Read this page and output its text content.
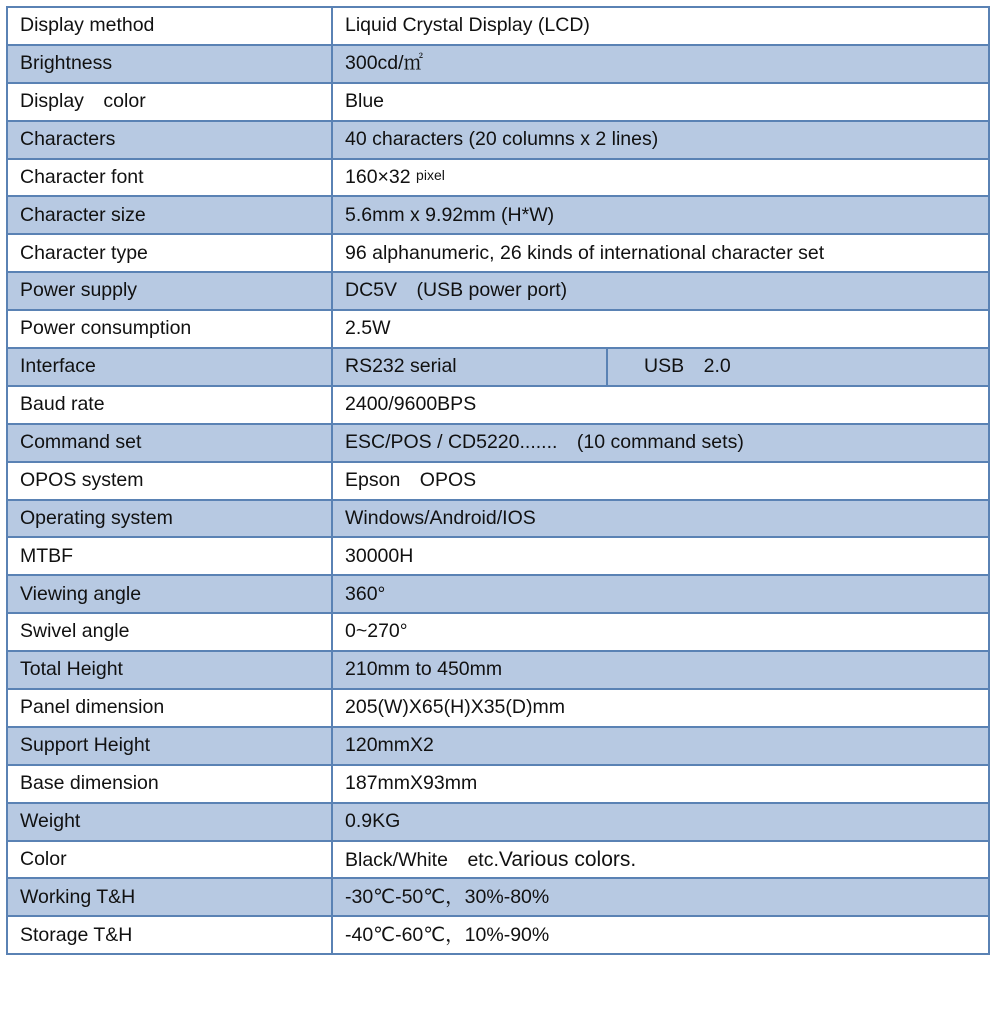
Display method	Liquid Crystal Display (LCD)	
Brightness	300cd/㎡	
Display color	Blue	
Characters	40 characters (20 columns x 2 lines)	
Character font	160×32 pixel	
Character size	5.6mm x 9.92mm (H*W)	
Character type	96 alphanumeric, 26 kinds of international character set	
Power supply	DC5V　(USB power port)	
Power consumption	2.5W	
Interface	RS232 serial	USB  2.0
Baud rate	2400/9600BPS	
Command set	ESC/POS / CD5220.......　(10 command sets)	
OPOS system	Epson  OPOS	
Operating system	Windows/Android/IOS	
MTBF	30000H	
Viewing angle	360°	
Swivel angle	0~270°	
Total Height	210mm to 450mm	
Panel dimension	205(W)X65(H)X35(D)mm	
Support Height	120mmX2	
Base dimension	187mmX93mm	
Weight	0.9KG	
Color	Black/White  etc.Various colors.	
Working T&H	-30℃-50℃，30%-80%	
Storage T&H	-40℃-60℃，10%-90%	
